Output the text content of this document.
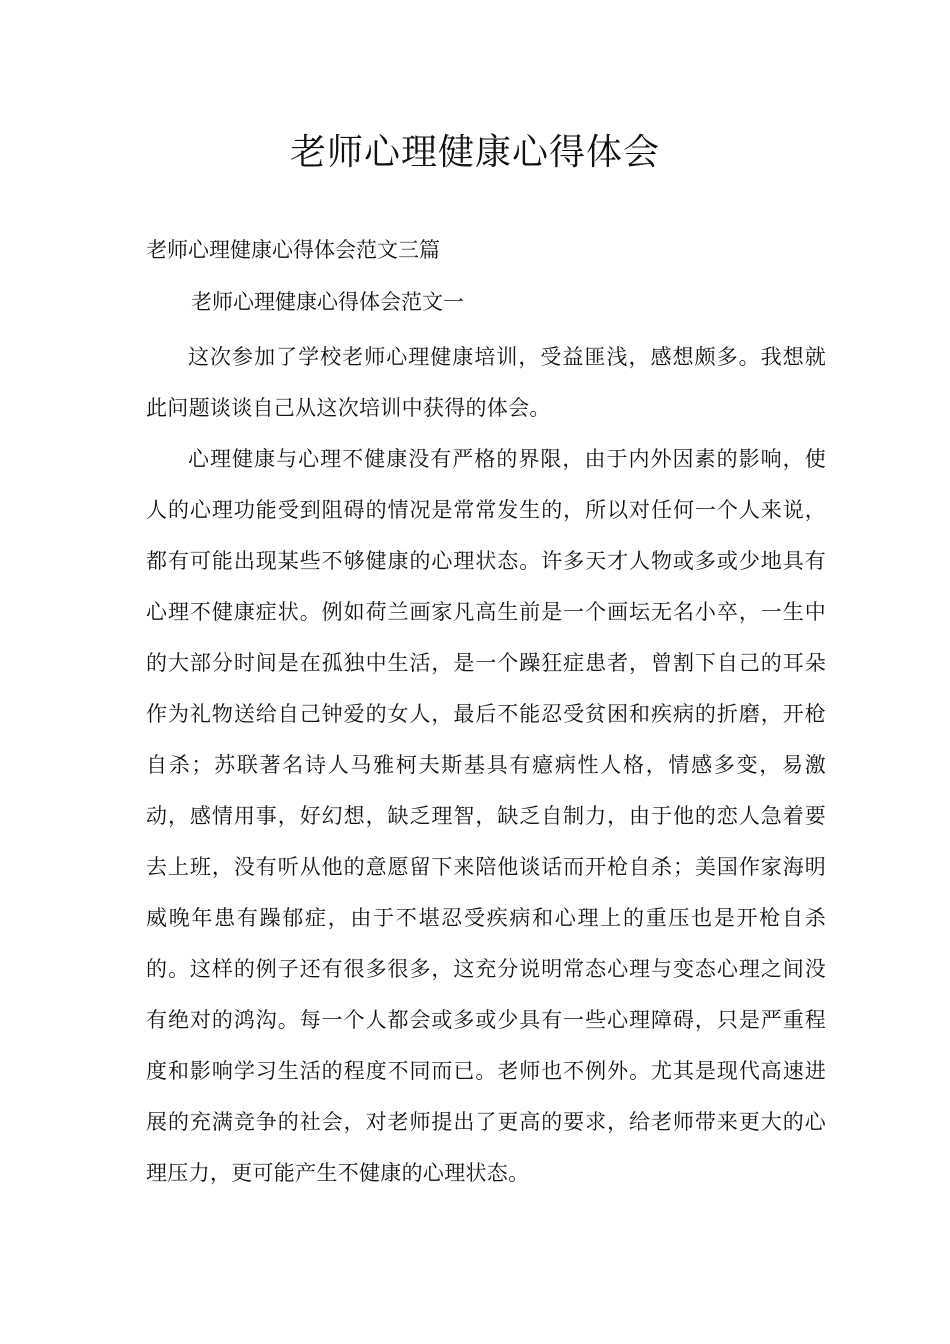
老师心理健康心得体会

老师心理健康心得体会范文三篇

老师心理健康心得体会范文一

这次参加了学校老师心理健康培训，受益匪浅，感想颇多。我想就此问题谈谈自己从这次培训中获得的体会。

心理健康与心理不健康没有严格的界限，由于内外因素的影响，使人的心理功能受到阻碍的情况是常常发生的，所以对任何一个人来说，都有可能出现某些不够健康的心理状态。许多天才人物或多或少地具有心理不健康症状。例如荷兰画家凡高生前是一个画坛无名小卒，一生中的大部分时间是在孤独中生活，是一个躁狂症患者，曾割下自己的耳朵作为礼物送给自己钟爱的女人，最后不能忍受贫困和疾病的折磨，开枪自杀；苏联著名诗人马雅柯夫斯基具有癔病性人格，情感多变，易激动，感情用事，好幻想，缺乏理智，缺乏自制力，由于他的恋人急着要去上班，没有听从他的意愿留下来陪他谈话而开枪自杀；美国作家海明威晚年患有躁郁症，由于不堪忍受疾病和心理上的重压也是开枪自杀的。这样的例子还有很多很多，这充分说明常态心理与变态心理之间没有绝对的鸿沟。每一个人都会或多或少具有一些心理障碍，只是严重程度和影响学习生活的程度不同而已。老师也不例外。尤其是现代高速进展的充满竞争的社会，对老师提出了更高的要求，给老师带来更大的心理压力，更可能产生不健康的心理状态。
